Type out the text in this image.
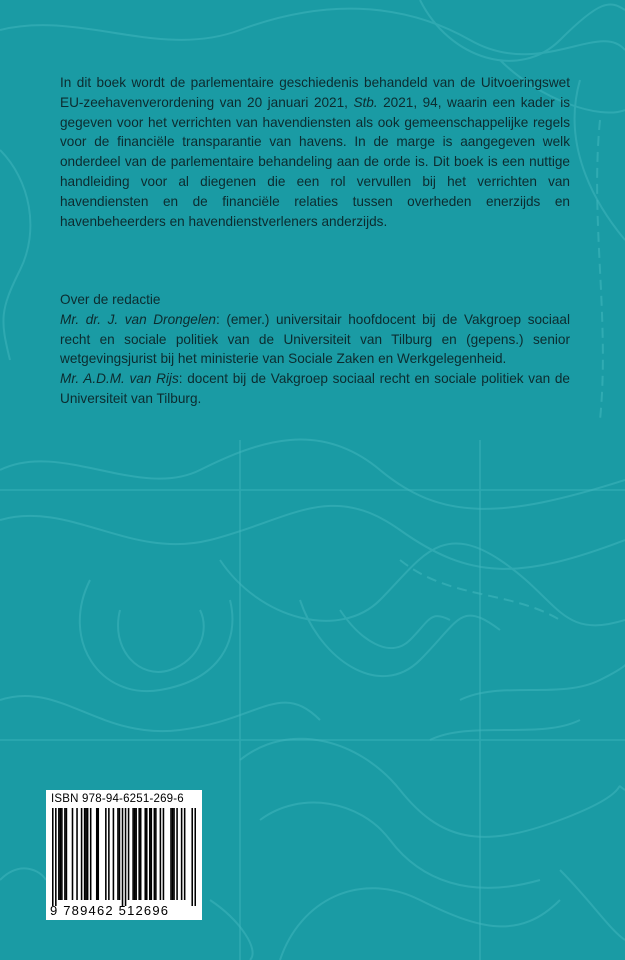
In dit boek wordt de parlementaire geschiedenis behandeld van de Uitvoeringswet EU-zeehavenverordening van 20 januari 2021, Stb. 2021, 94, waarin een kader is gegeven voor het verrichten van havendiensten als ook gemeenschappelijke regels voor de financiële transparantie van havens. In de marge is aangegeven welk onderdeel van de parlementaire behandeling aan de orde is. Dit boek is een nuttige handleiding voor al diegenen die een rol vervullen bij het verrichten van havendiensten en de financiële relaties tussen overheden enerzijds en havenbeheerders en havendienstverleners anderzijds.

Over de redactie

Mr. dr. J. van Drongelen: (emer.) universitair hoofdocent bij de Vakgroep sociaal recht en sociale politiek van de Universiteit van Tilburg en (gepens.) senior wetgevingsjurist bij het ministerie van Sociale Zaken en Werkgelegenheid.

Mr. A.D.M. van Rijs: docent bij de Vakgroep sociaal recht en sociale politiek van de Universiteit van Tilburg.

ISBN 978-94-6251-269-6
9 789462 512696
